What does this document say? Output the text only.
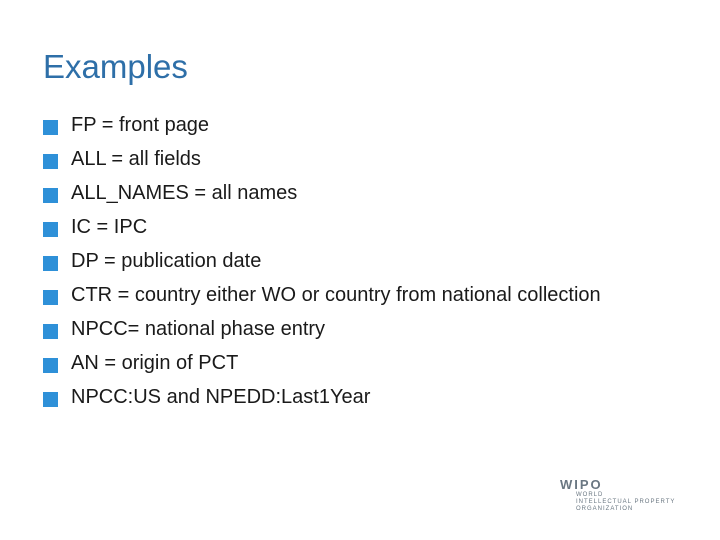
Examples
FP = front page
ALL = all fields
ALL_NAMES = all names
IC = IPC
DP = publication date
CTR = country either WO or country from national collection
NPCC= national phase entry
AN = origin of PCT
NPCC:US and NPEDD:Last1Year
WIPO
WORLD
INTELLECTUAL PROPERTY
ORGANIZATION
